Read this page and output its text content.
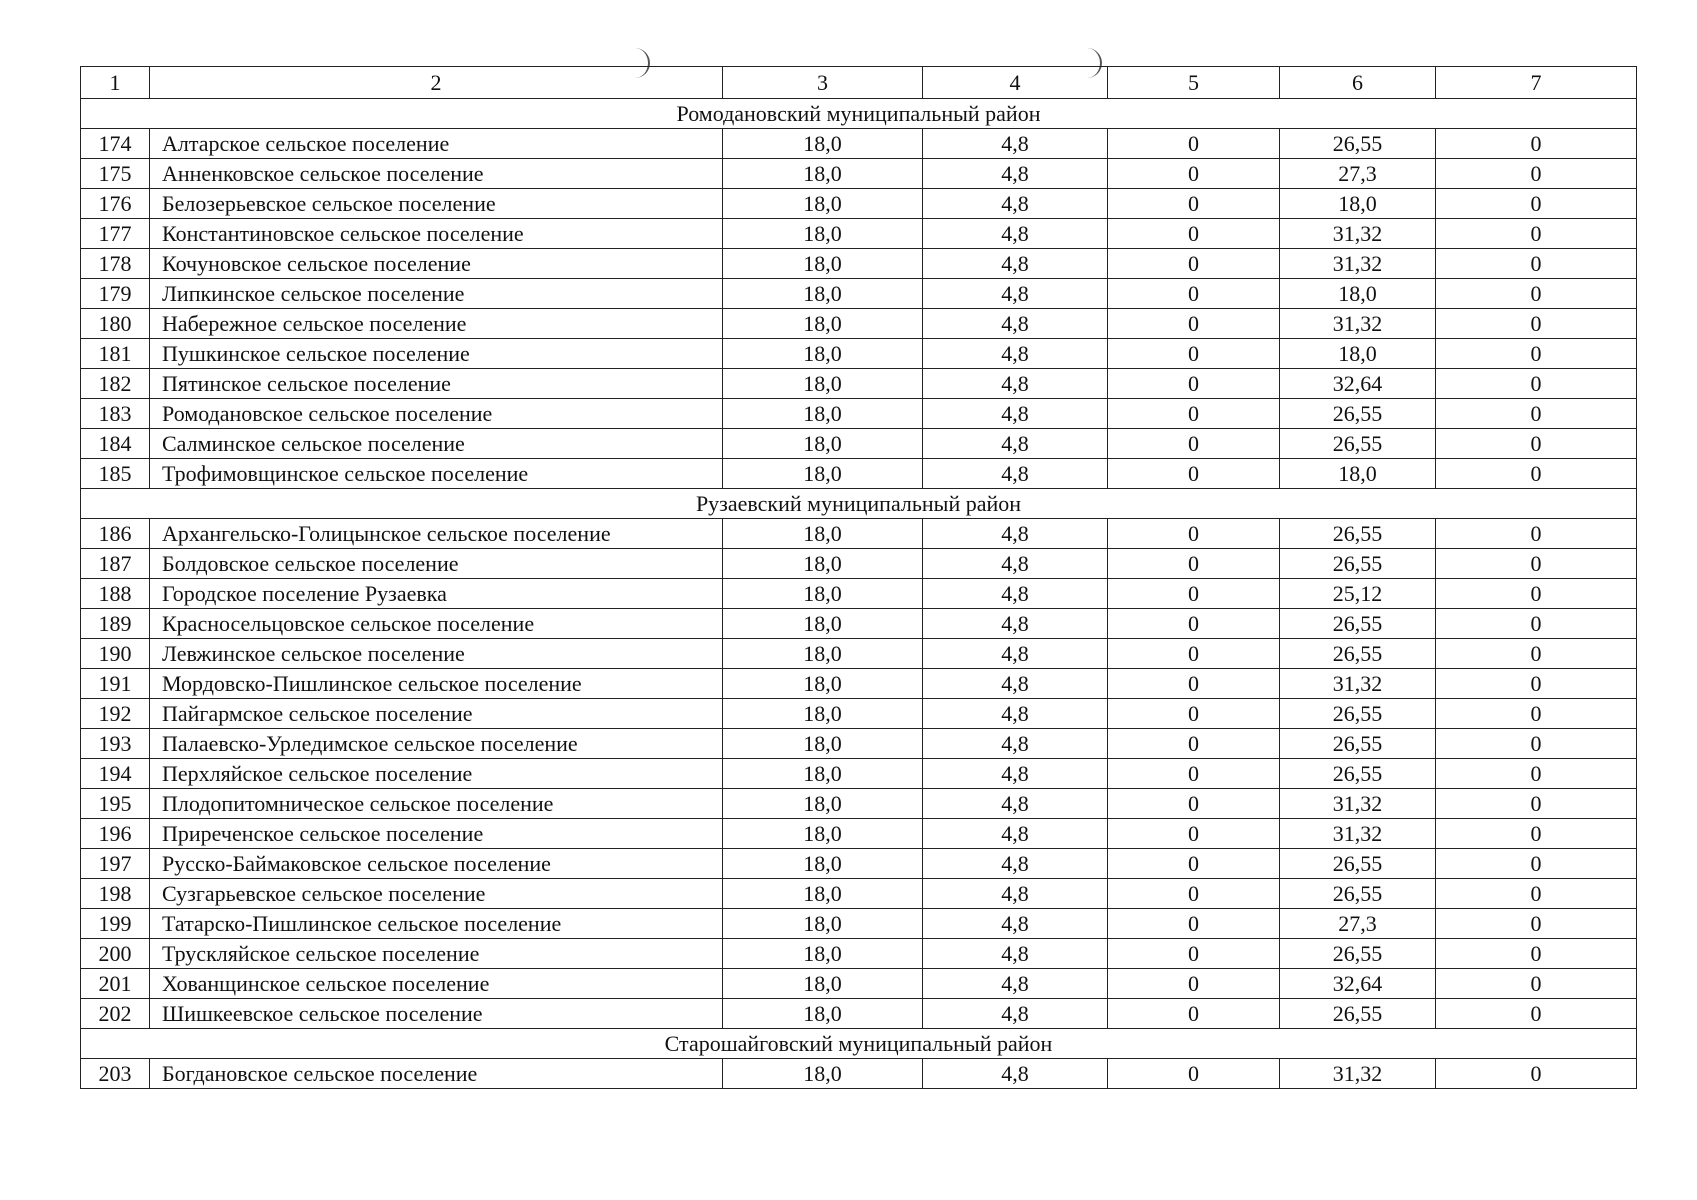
1	2	3	4	5	6	7
Ромодановский муниципальный район						
174	Алтарское сельское поселение	18,0	4,8	0	26,55	0
175	Анненковское сельское поселение	18,0	4,8	0	27,3	0
176	Белозерьевское сельское поселение	18,0	4,8	0	18,0	0
177	Константиновское сельское поселение	18,0	4,8	0	31,32	0
178	Кочуновское сельское поселение	18,0	4,8	0	31,32	0
179	Липкинское сельское поселение	18,0	4,8	0	18,0	0
180	Набережное сельское поселение	18,0	4,8	0	31,32	0
181	Пушкинское сельское поселение	18,0	4,8	0	18,0	0
182	Пятинское сельское поселение	18,0	4,8	0	32,64	0
183	Ромодановское сельское поселение	18,0	4,8	0	26,55	0
184	Салминское сельское поселение	18,0	4,8	0	26,55	0
185	Трофимовщинское сельское поселение	18,0	4,8	0	18,0	0
Рузаевский муниципальный район						
186	Архангельско-Голицынское сельское поселение	18,0	4,8	0	26,55	0
187	Болдовское сельское поселение	18,0	4,8	0	26,55	0
188	Городское поселение Рузаевка	18,0	4,8	0	25,12	0
189	Красносельцовское сельское поселение	18,0	4,8	0	26,55	0
190	Левжинское сельское поселение	18,0	4,8	0	26,55	0
191	Мордовско-Пишлинское сельское поселение	18,0	4,8	0	31,32	0
192	Пайгармское сельское поселение	18,0	4,8	0	26,55	0
193	Палаевско-Урледимское сельское поселение	18,0	4,8	0	26,55	0
194	Перхляйское сельское поселение	18,0	4,8	0	26,55	0
195	Плодопитомническое сельское поселение	18,0	4,8	0	31,32	0
196	Приреченское сельское поселение	18,0	4,8	0	31,32	0
197	Русско-Баймаковское сельское поселение	18,0	4,8	0	26,55	0
198	Сузгарьевское сельское поселение	18,0	4,8	0	26,55	0
199	Татарско-Пишлинское сельское поселение	18,0	4,8	0	27,3	0
200	Трускляйское сельское поселение	18,0	4,8	0	26,55	0
201	Хованщинское сельское поселение	18,0	4,8	0	32,64	0
202	Шишкеевское сельское поселение	18,0	4,8	0	26,55	0
Старошайговский муниципальный район						
203	Богдановское сельское поселение	18,0	4,8	0	31,32	0
